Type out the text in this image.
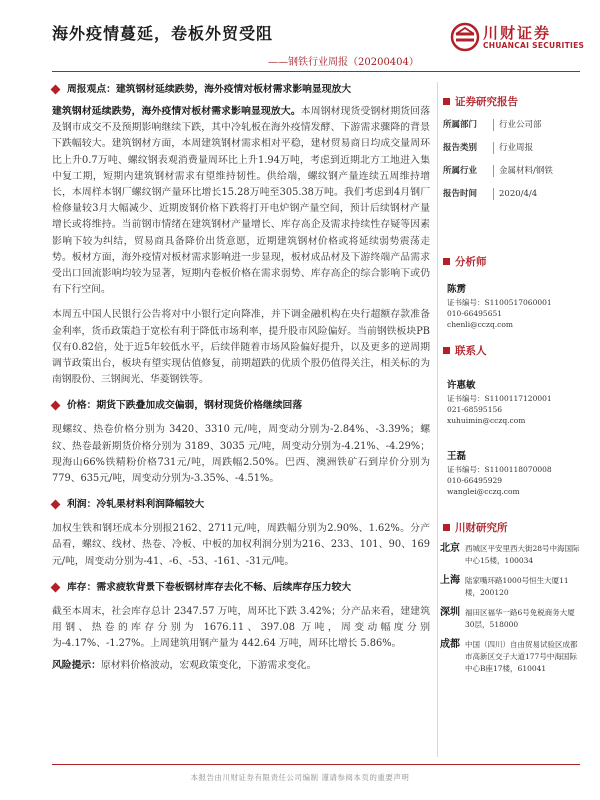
海外疫情蔓延，卷板外贸受阻
——钢铁行业周报（20200404）
川财证券
CHUANCAI SECURITIES
周报观点：建筑钢材延续跌势，海外疫情对板材需求影响显现放大

建筑钢材延续跌势，海外疫情对板材需求影响显现放大。本周钢材现货受钢材期货回落及钢市成交不及预期影响继续下跌，其中冷轧板在海外疫情发酵、下游需求骤降的背景下跌幅较大。建筑钢材方面，本周建筑钢材需求相对平稳，建材贸易商日均成交量周环比上升0.7万吨、螺纹钢表观消费量周环比上升1.94万吨，考虑到近期北方工地进入集中复工期，短期内建筑钢材需求有望维持韧性。供给端，螺纹钢产量连续五周维持增长，本周样本钢厂螺纹钢产量环比增长15.28万吨至305.38万吨。我们考虑到4月钢厂检修量较3月大幅减少、近期废钢价格下跌将打开电炉钢产量空间，预计后续钢材产量增长或将维持。当前钢市情绪在建筑钢材产量增长、库存高企及需求持续性存疑等因素影响下较为纠结，贸易商具备降价出货意愿，近期建筑钢材价格或将延续弱势震荡走势。板材方面，海外疫情对板材需求影响进一步显现，板材成品材及下游终端产品需求受出口回流影响均较为显著，短期内卷板价格在需求弱势、库存高企的综合影响下或仍有下行空间。

本周五中国人民银行公告将对中小银行定向降准，并下调金融机构在央行超额存款准备金利率，货币政策趋于宽松有利于降低市场利率，提升股市风险偏好。当前钢铁板块PB仅有0.82倍，处于近5年较低水平，后续伴随着市场风险偏好提升，以及更多的逆周期调节政策出台，板块有望实现估值修复，前期超跌的优质个股仍值得关注，相关标的为南钢股份、三钢闽光、华菱钢铁等。

价格：期货下跌叠加成交偏弱，钢材现货价格继续回落

现螺纹、热卷价格分别为 3420、3310 元/吨，周变动分别为-2.84%、-3.39%；螺纹、热卷最新期货价格分别为 3189、3035 元/吨，周变动分别为-4.21%、-4.29%；现海山66%铁精粉价格731元/吨，周跌幅2.50%。巴西、澳洲铁矿石到岸价分别为779、635元/吨，周变动分别为-3.35%、-4.51%。

利润：冷轧果材料利润降幅较大

加权生铁和钢坯成本分别报2162、2711元/吨，周跌幅分别为2.90%、1.62%。分产品看，螺纹、线材、热卷、冷板、中板的加权利润分别为216、233、101、90、169元/吨，周变动分别为-41、-6、-53、-161、-31元/吨。

库存：需求疲软背景下卷板钢材库存去化不畅、后续库存压力较大

截至本周末，社会库存总计 2347.57 万吨，周环比下跌 3.42%；分产品来看，建建筑用钢、热卷的库存分别为 1676.11、397.08 万吨，周变动幅度分别为-4.17%、-1.27%。上周建筑用钢产量为 442.64 万吨，周环比增长 5.86%。

风险提示：原材料价格波动，宏观政策变化，下游需求变化。

证券研究报告
所属部门	行业公司部
报告类别	行业周报
所属行业	金属材料/钢铁
报告时间	2020/4/4
分析师
陈雳
证书编号：S1100517060001
010-66495651
chenli@cczq.com
联系人
许惠敏
证书编号：S1100117120001
021-68595156
xuhuimin@cczq.com
王磊
证书编号：S1100118070008
010-66495929
wanglei@cczq.com
川财研究所
北京 西城区平安里西大街28号中海国际中心15楼，100034
上海 陆家嘴环路1000号恒生大厦11楼，200120
深圳 福田区福华一路6号免税商务大厦30层，518000
成都 中国（四川）自由贸易试验区成都市高新区交子大道177号中海国际中心B座17楼，610041
本报告由川财证券有限责任公司编制 谨请参阅本页的重要声明
